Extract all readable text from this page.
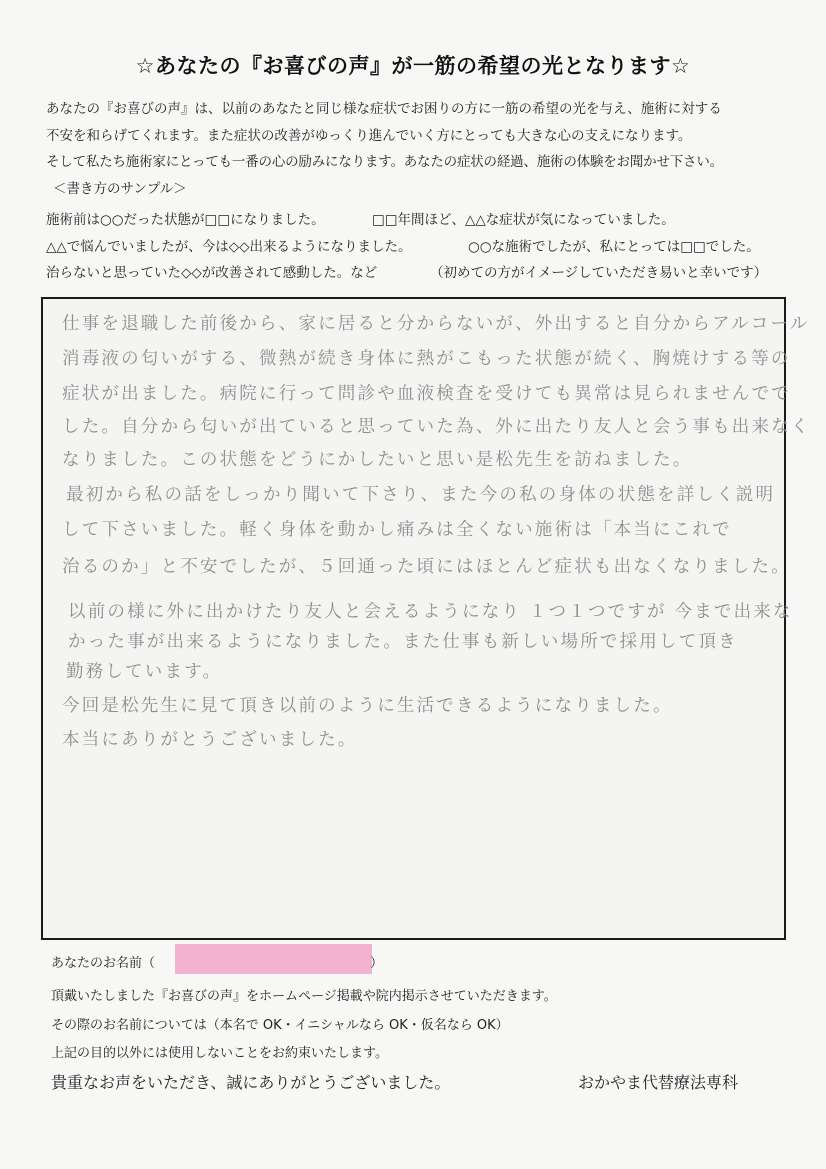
☆あなたの『お喜びの声』が一筋の希望の光となります☆
あなたの『お喜びの声』は、以前のあなたと同じ様な症状でお困りの方に一筋の希望の光を与え、施術に対する
不安を和らげてくれます。また症状の改善がゆっくり進んでいく方にとっても大きな心の支えになります。
そして私たち施術家にとっても一番の心の励みになります。あなたの症状の経過、施術の体験をお聞かせ下さい。
＜書き方のサンプル＞
施術前は○○だった状態が□□になりました。	□□年間ほど、△△な症状が気になっていました。
△△で悩んでいましたが、今は◇◇出来るようになりました。	○○な施術でしたが、私にとっては□□でした。
治らないと思っていた◇◇が改善されて感動した。など	（初めての方がイメージしていただき易いと幸いです）
仕事を退職した前後から、家に居ると分からないが、外出すると自分からアルコール
消毒液の匂いがする、微熱が続き身体に熱がこもった状態が続く、胸焼けする等の
症状が出ました。病院に行って問診や血液検査を受けても異常は見られませんでで
した。自分から匂いが出ていると思っていた為、外に出たり友人と会う事も出来なく
なりました。この状態をどうにかしたいと思い是松先生を訪ねました。
最初から私の話をしっかり聞いて下さり、また今の私の身体の状態を詳しく説明
して下さいました。軽く身体を動かし痛みは全くない施術は「本当にこれで
治るのか」と不安でしたが、５回通った頃にはほとんど症状も出なくなりました。
以前の様に外に出かけたり友人と会えるようになり １つ１つですが 今まで出来な
かった事が出来るようになりました。また仕事も新しい場所で採用して頂き
勤務しています。
今回是松先生に見て頂き以前のように生活できるようになりました。
本当にありがとうございました。
あなたのお名前（	）
頂戴いたしました『お喜びの声』をホームページ掲載や院内掲示させていただきます。
その際のお名前については（本名で OK・イニシャルなら OK・仮名なら OK）
上記の目的以外には使用しないことをお約束いたします。
貴重なお声をいただき、誠にありがとうございました。	おかやま代替療法専科
